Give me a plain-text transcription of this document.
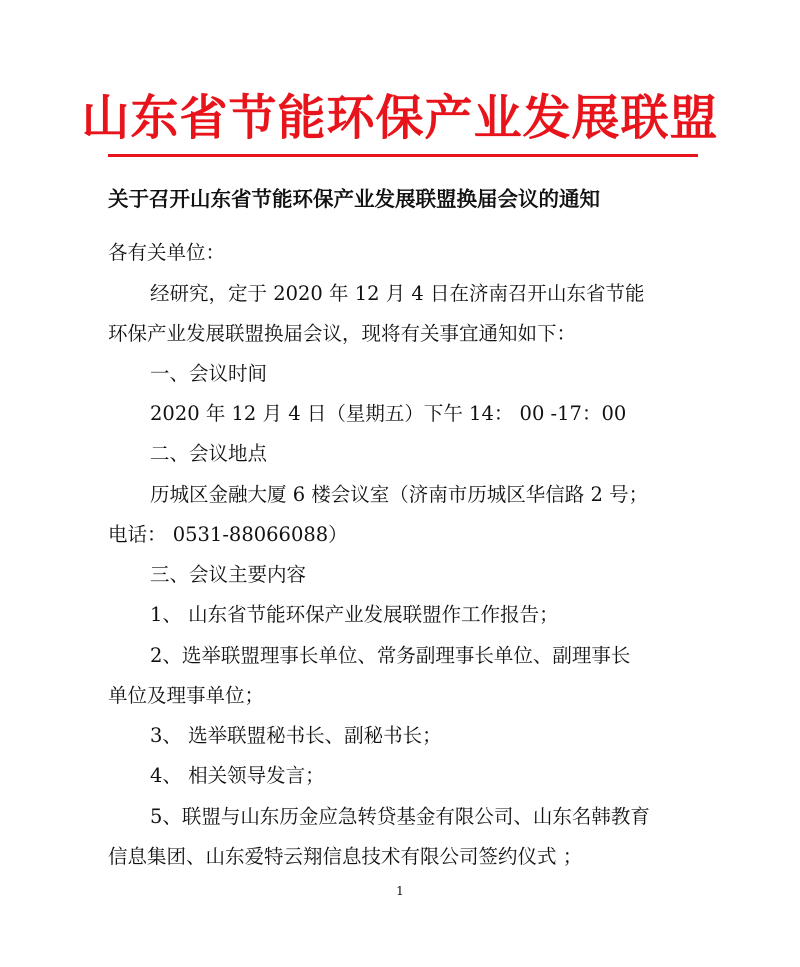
山东省节能环保产业发展联盟
关于召开山东省节能环保产业发展联盟换届会议的通知
各有关单位：
经研究，定于 2020 年 12 月 4 日在济南召开山东省节能
环保产业发展联盟换届会议，现将有关事宜通知如下：
一、会议时间
2020 年 12 月 4 日（星期五）下午 14： 00 -17：00
二、会议地点
历城区金融大厦 6 楼会议室（济南市历城区华信路 2 号；
电话： 0531-88066088）
三、会议主要内容
1、 山东省节能环保产业发展联盟作工作报告；
2、选举联盟理事长单位、常务副理事长单位、副理事长
单位及理事单位；
3、 选举联盟秘书长、副秘书长；
4、 相关领导发言；
5、联盟与山东历金应急转贷基金有限公司、山东名韩教育
信息集团、山东爱特云翔信息技术有限公司签约仪式 ；
1
